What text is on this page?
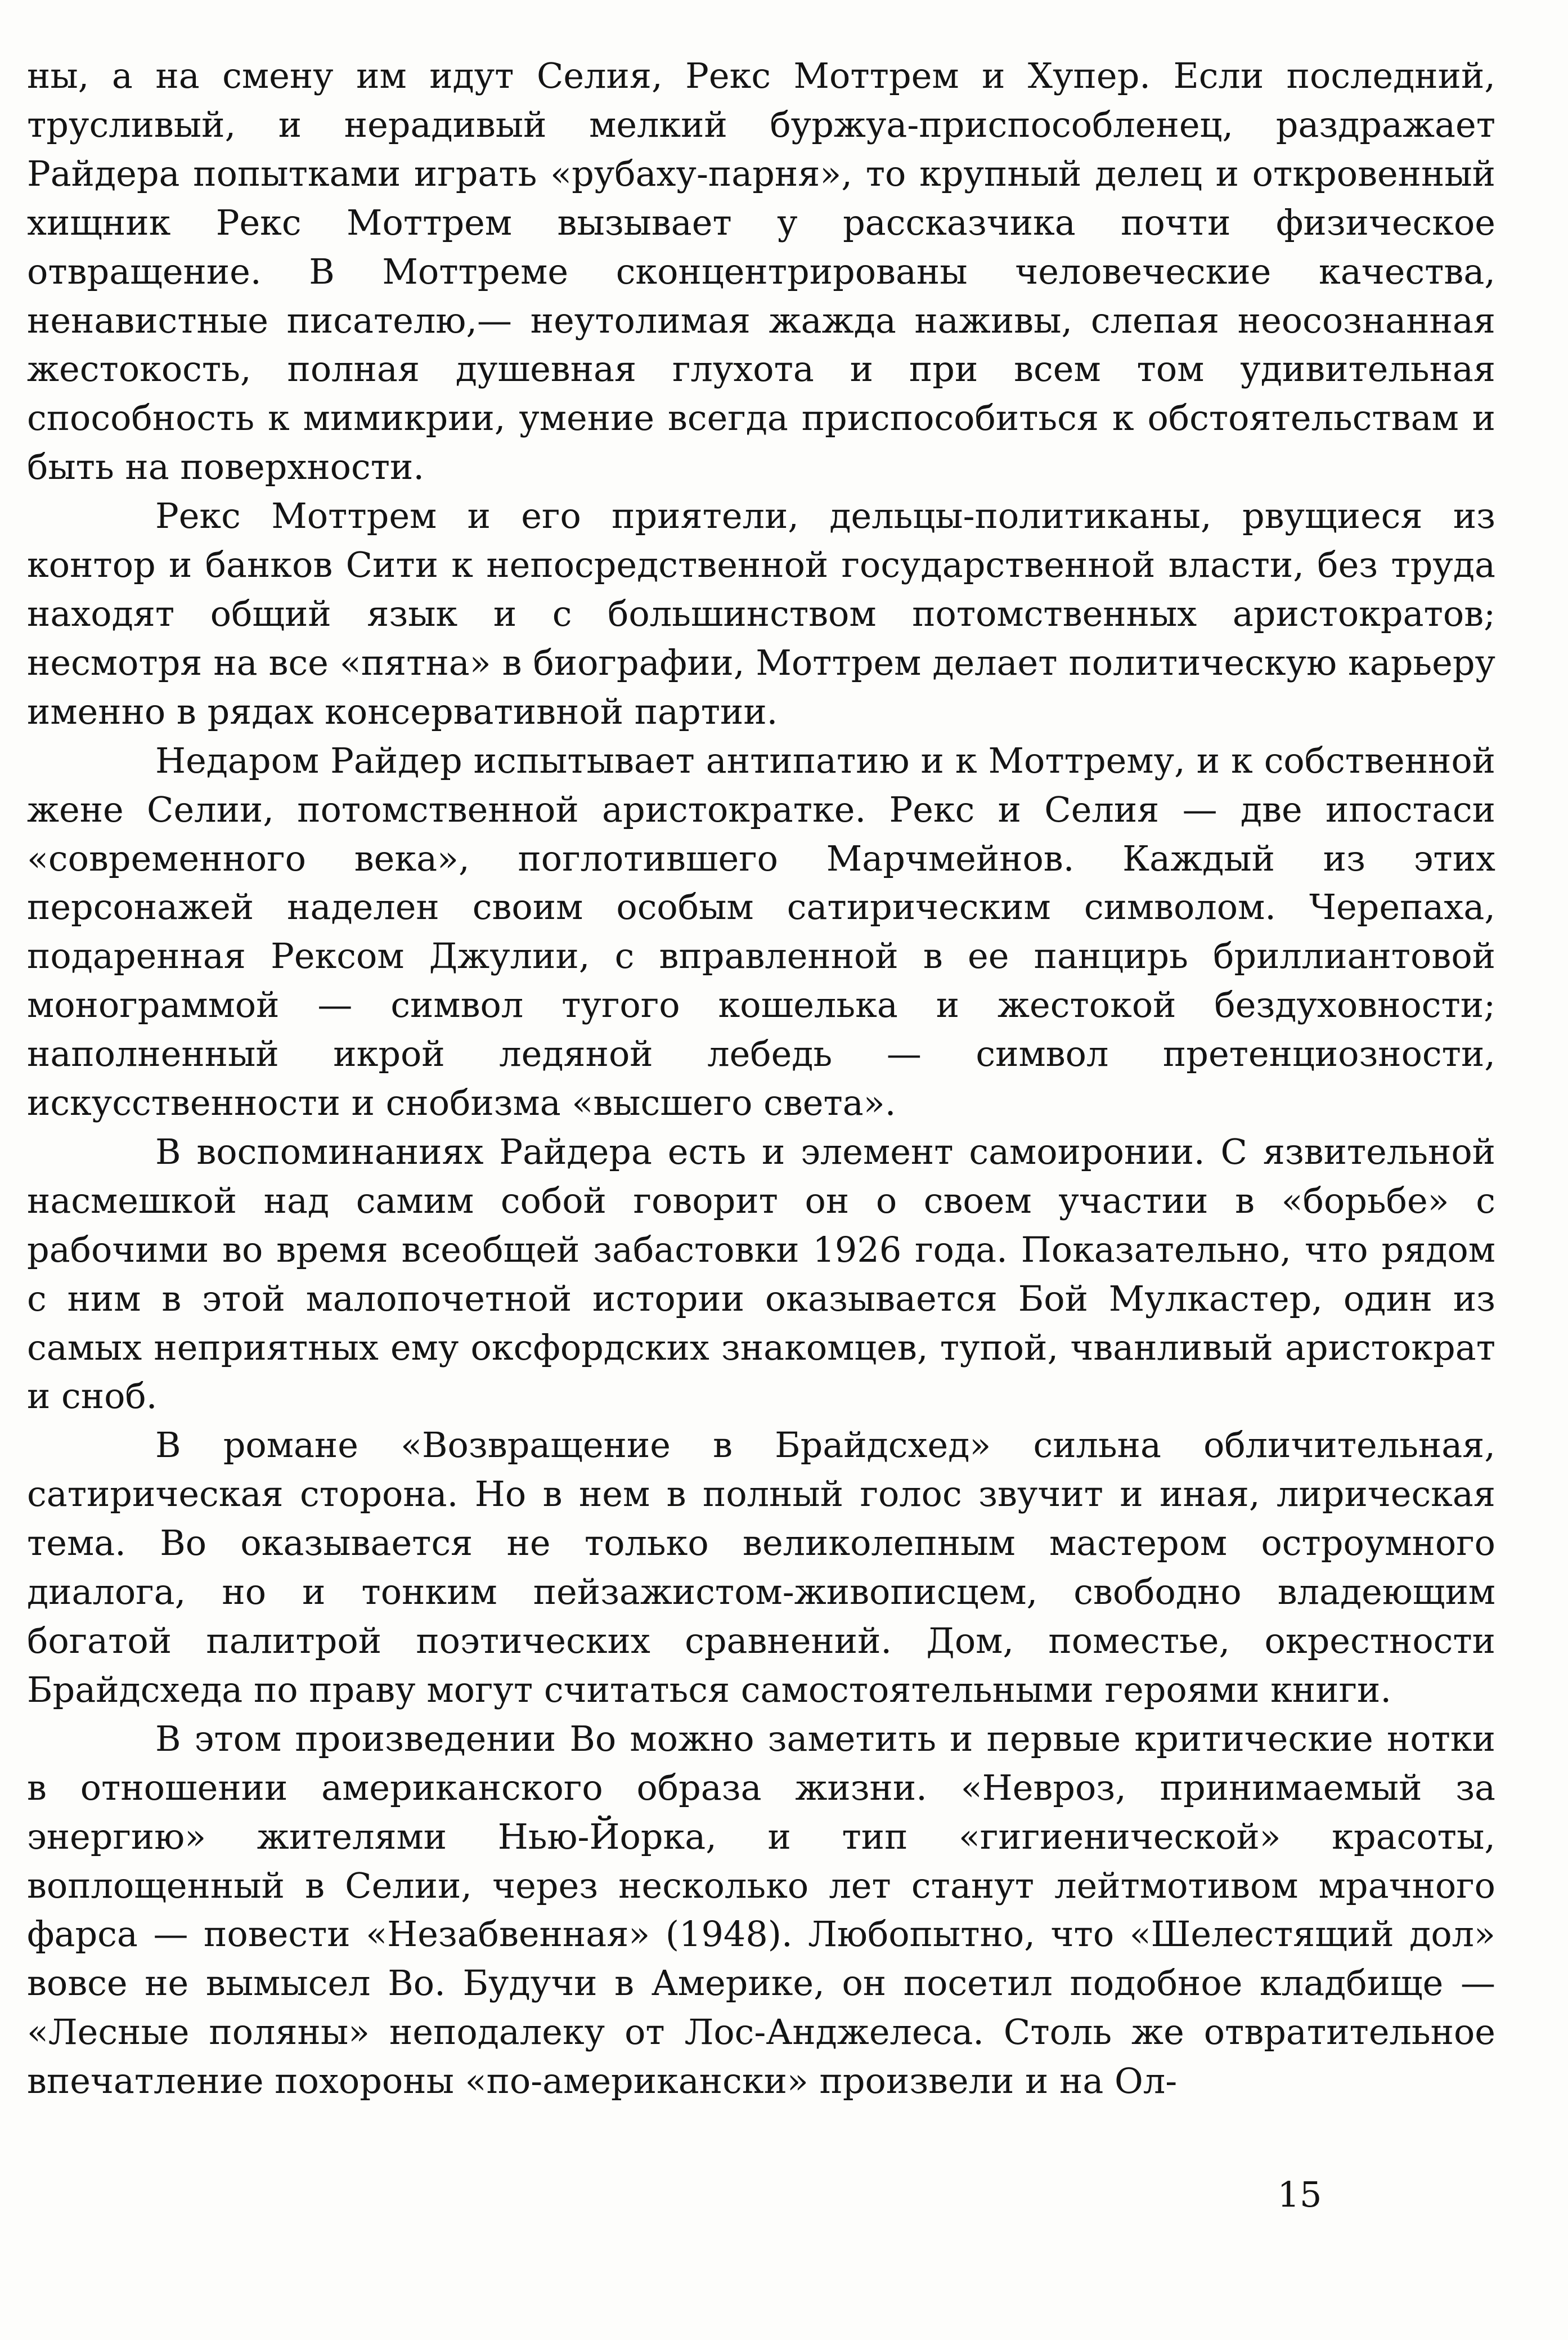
ны, а на смену им идут Селия, Рекс Моттрем и Хупер. Если последний, трусливый, и нерадивый мелкий буржуа-приспособленец, раздражает Райдера попытками играть «рубаху-парня», то крупный делец и откровенный хищник Рекс Моттрем вызывает у рассказчика почти физическое отвращение. В Моттреме сконцентрированы человеческие качества, ненавистные писателю,— неутолимая жажда наживы, слепая неосознанная жестокость, полная душевная глухота и при всем том удивительная способность к мимикрии, умение всегда приспособиться к обстоятельствам и быть на поверхности.

Рекс Моттрем и его приятели, дельцы-политиканы, рвущиеся из контор и банков Сити к непосредственной государственной власти, без труда находят общий язык и с большинством потомственных аристократов; несмотря на все «пятна» в биографии, Моттрем делает политическую карьеру именно в рядах консервативной партии.

Недаром Райдер испытывает антипатию и к Моттрему, и к собственной жене Селии, потомственной аристократке. Рекс и Селия — две ипостаси «современного века», поглотившего Марчмейнов. Каждый из этих персонажей наделен своим особым сатирическим символом. Черепаха, подаренная Рексом Джулии, с вправленной в ее панцирь бриллиантовой монограммой — символ тугого кошелька и жестокой бездуховности; наполненный икрой ледяной лебедь — символ претенциозности, искусственности и снобизма «высшего света».

В воспоминаниях Райдера есть и элемент самоиронии. С язвительной насмешкой над самим собой говорит он о своем участии в «борьбе» с рабочими во время всеобщей забастовки 1926 года. Показательно, что рядом с ним в этой малопочетной истории оказывается Бой Мулкастер, один из самых неприятных ему оксфордских знакомцев, тупой, чванливый аристократ и сноб.

В романе «Возвращение в Брайдсхед» сильна обличительная, сатирическая сторона. Но в нем в полный голос звучит и иная, лирическая тема. Во оказывается не только великолепным мастером остроумного диалога, но и тонким пейзажистом-живописцем, свободно владеющим богатой палитрой поэтических сравнений. Дом, поместье, окрестности Брайдсхеда по праву могут считаться самостоятельными героями книги.

В этом произведении Во можно заметить и первые критические нотки в отношении американского образа жизни. «Невроз, принимаемый за энергию» жителями Нью-Йорка, и тип «гигиенической» красоты, воплощенный в Селии, через несколько лет станут лейтмотивом мрачного фарса — повести «Незабвенная» (1948). Любопытно, что «Шелестящий дол» вовсе не вымысел Во. Будучи в Америке, он посетил подобное кладбище — «Лесные поляны» неподалеку от Лос-Анджелеса. Столь же отвратительное впечатление похороны «по-американски» произвели и на Ол-

15
